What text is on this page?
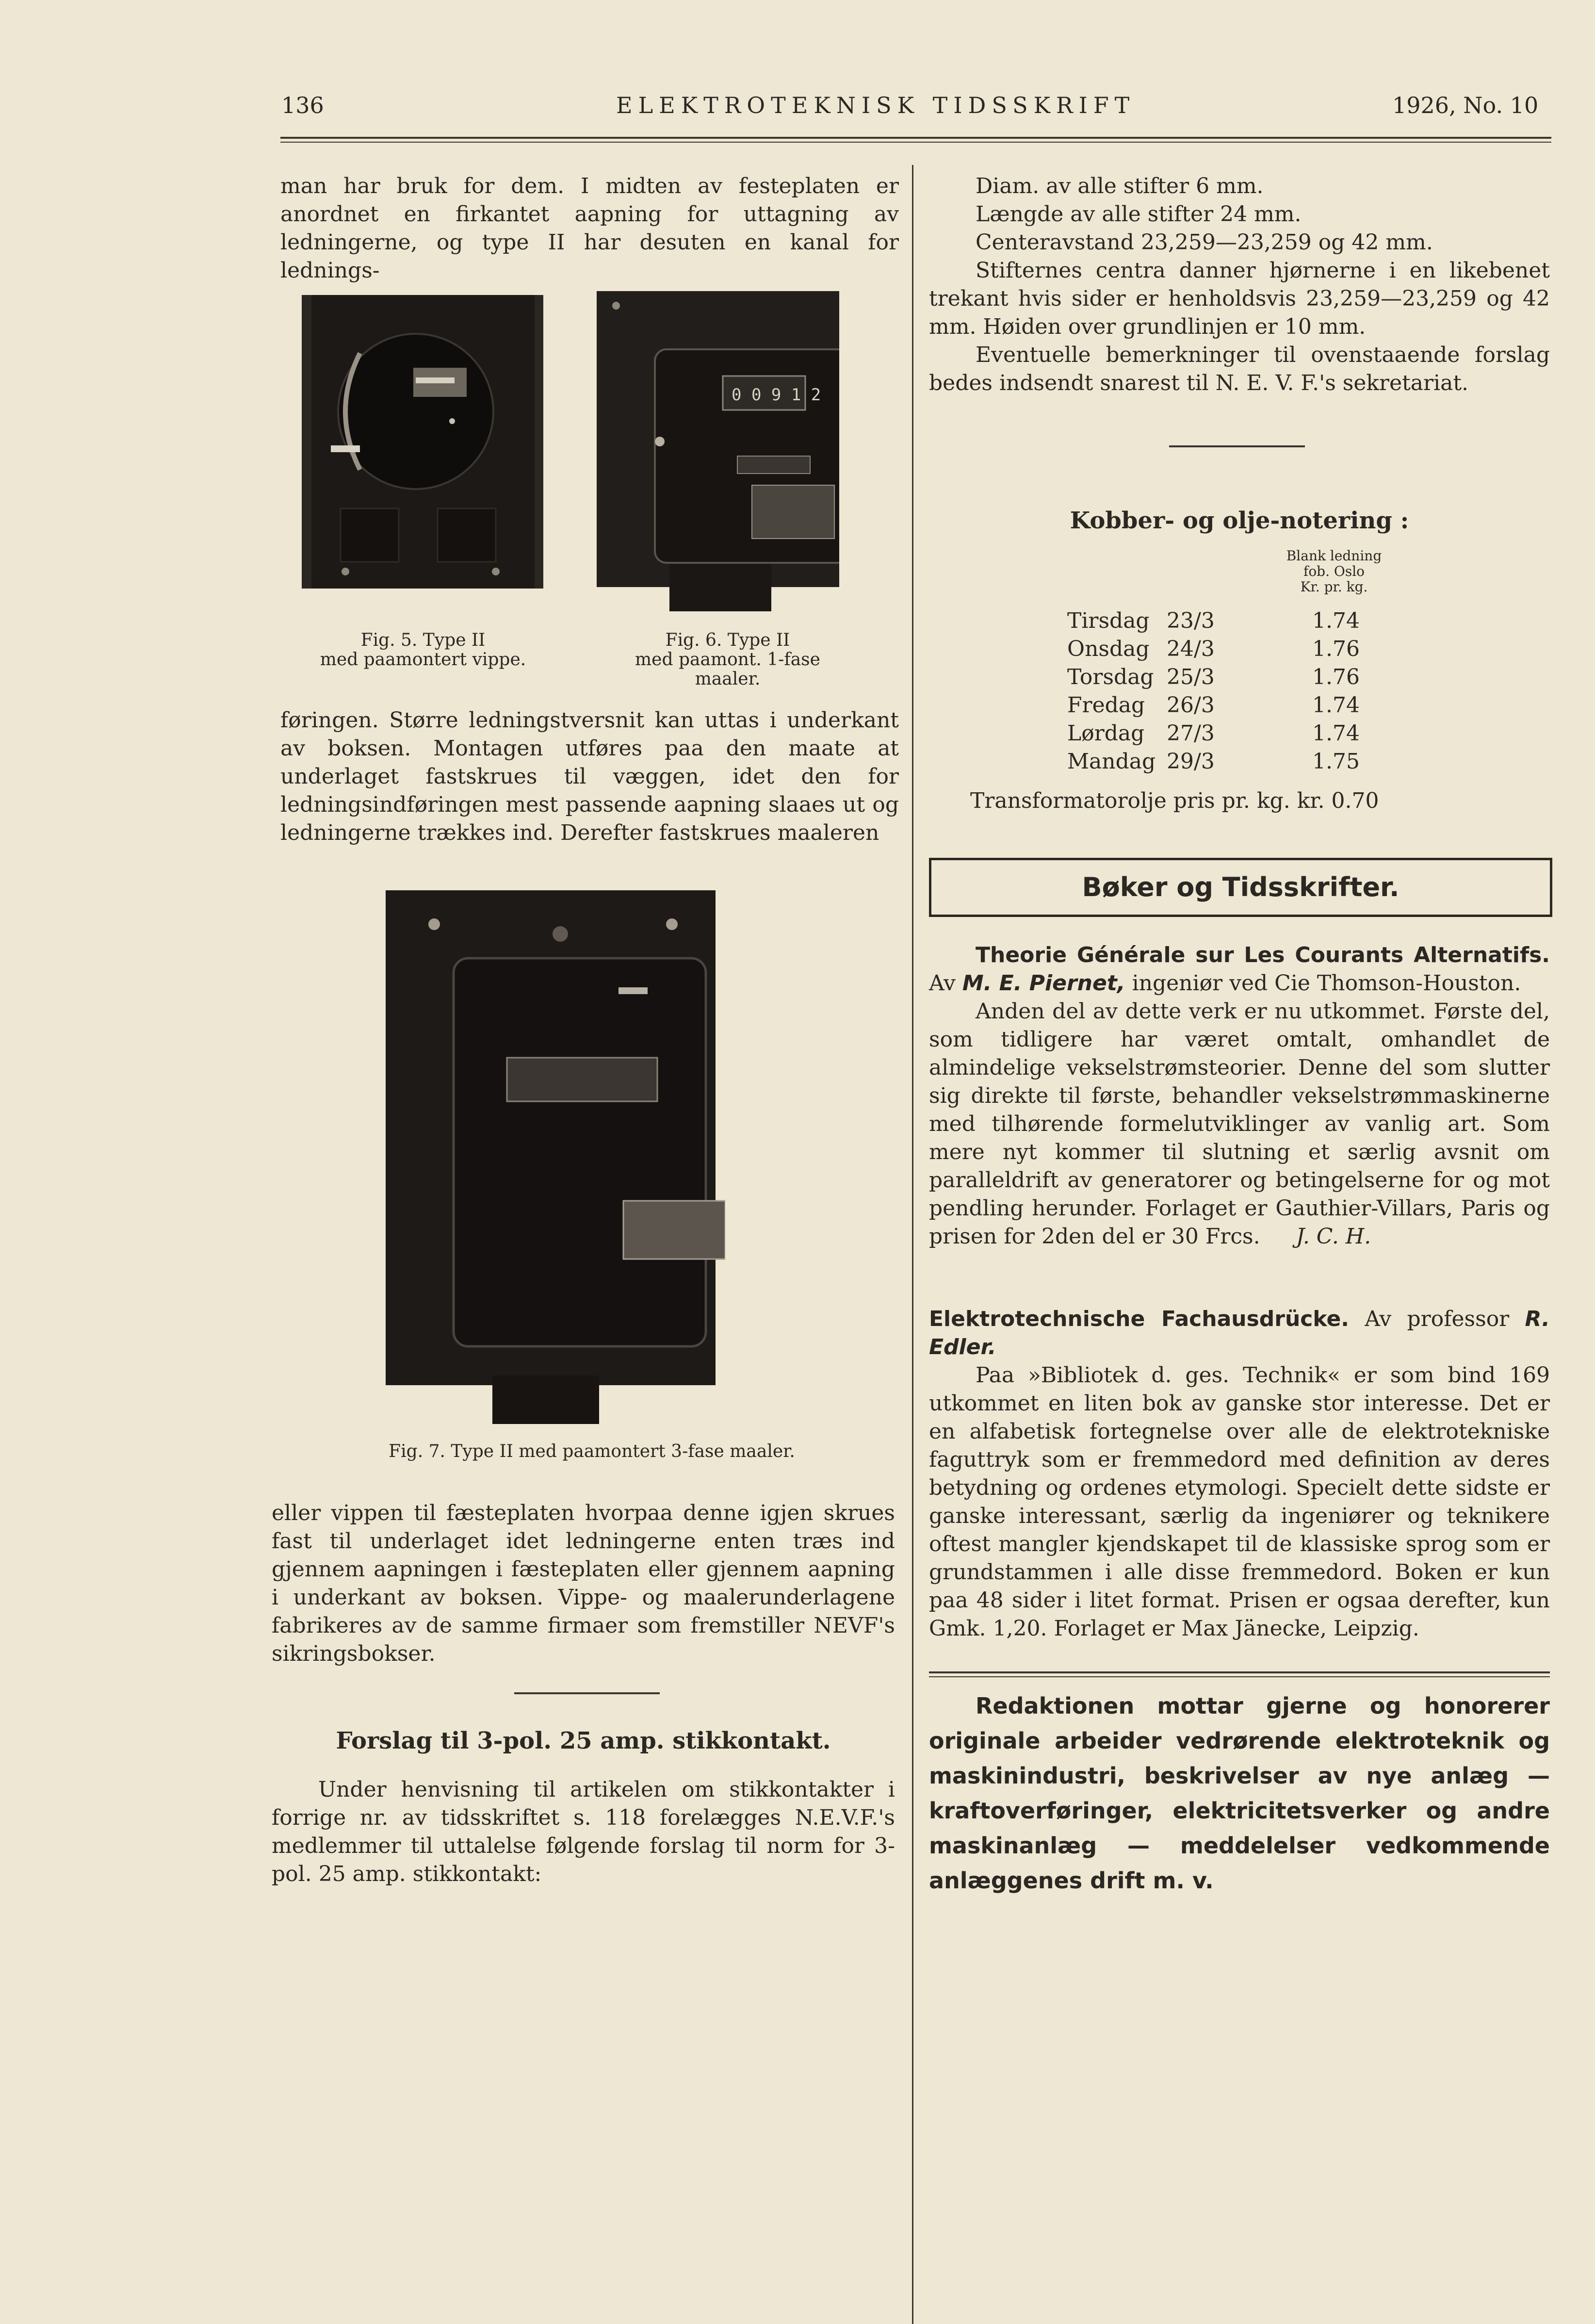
136	ELEKTROTEKNISK TIDSSKRIFT	1926, No. 10

man har bruk for dem. I midten av festeplaten er anordnet en firkantet aapning for uttagning av ledningerne, og type II har desuten en kanal for lednings-

Fig. 5. Type II
med paamontert vippe.
0 0 9 1 2
Fig. 6. Type II
med paamont. 1-fase maaler.

føringen. Større ledningstversnit kan uttas i underkant av boksen. Montagen utføres paa den maate at underlaget fastskrues til væggen, idet den for ledningsindføringen mest passende aapning slaaes ut og ledningerne trækkes ind. Derefter fastskrues maaleren

Fig. 7. Type II med paamontert 3-fase maaler.

eller vippen til fæsteplaten hvorpaa denne igjen skrues fast til underlaget idet ledningerne enten træs ind gjennem aapningen i fæsteplaten eller gjennem aapning i underkant av boksen. Vippe- og maalerunderlagene fabrikeres av de samme firmaer som fremstiller NEVF's sikringsbokser.

Forslag til 3-pol. 25 amp. stikkontakt.

Under henvisning til artikelen om stikkontakter i forrige nr. av tidsskriftet s. 118 forelægges N.E.V.F.'s medlemmer til uttalelse følgende forslag til norm for 3-pol. 25 amp. stikkontakt:

Diam. av alle stifter 6 mm.

Længde av alle stifter 24 mm.

Centeravstand 23,259—23,259 og 42 mm.

Stifternes centra danner hjørnerne i en likebenet trekant hvis sider er henholdsvis 23,259—23,259 og 42 mm. Høiden over grundlinjen er 10 mm.

Eventuelle bemerkninger til ovenstaaende forslag bedes indsendt snarest til N. E. V. F.'s sekretariat.

Kobber- og olje-notering :
Blank ledning
fob. Oslo
Kr. pr. kg.
Tirsdag	23/3	1.74
Onsdag	24/3	1.76
Torsdag	25/3	1.76
Fredag	26/3	1.74
Lørdag	27/3	1.74
Mandag	29/3	1.75
Transformatorolje pris pr. kg. kr. 0.70
Bøker og Tidsskrifter.

Theorie Générale sur Les Courants Alternatifs. Av M. E. Piernet, ingeniør ved Cie Thomson-Houston.

Anden del av dette verk er nu utkommet. Første del, som tidligere har været omtalt, omhandlet de almindelige vekselstrømsteorier. Denne del som slutter sig direkte til første, behandler vekselstrømmaskinerne med tilhørende formelutviklinger av vanlig art. Som mere nyt kommer til slutning et særlig avsnit om paralleldrift av generatorer og betingelserne for og mot pendling herunder. Forlaget er Gauthier-Villars, Paris og prisen for 2den del er 30 Frcs. J. C. H.

Elektrotechnische Fachausdrücke. Av professor R. Edler.

Paa »Bibliotek d. ges. Technik« er som bind 169 utkommet en liten bok av ganske stor interesse. Det er en alfabetisk fortegnelse over alle de elektrotekniske faguttryk som er fremmedord med definition av deres betydning og ordenes etymologi. Specielt dette sidste er ganske interessant, særlig da ingeniører og teknikere oftest mangler kjendskapet til de klassiske sprog som er grundstammen i alle disse fremmedord. Boken er kun paa 48 sider i litet format. Prisen er ogsaa derefter, kun Gmk. 1,20. Forlaget er Max Jänecke, Leipzig.

Redaktionen mottar gjerne og honorerer originale arbeider vedrørende elektroteknik og maskinindustri, beskrivelser av nye anlæg — kraftoverføringer, elektricitetsverker og andre maskinanlæg — meddelelser vedkommende anlæggenes drift m. v.
